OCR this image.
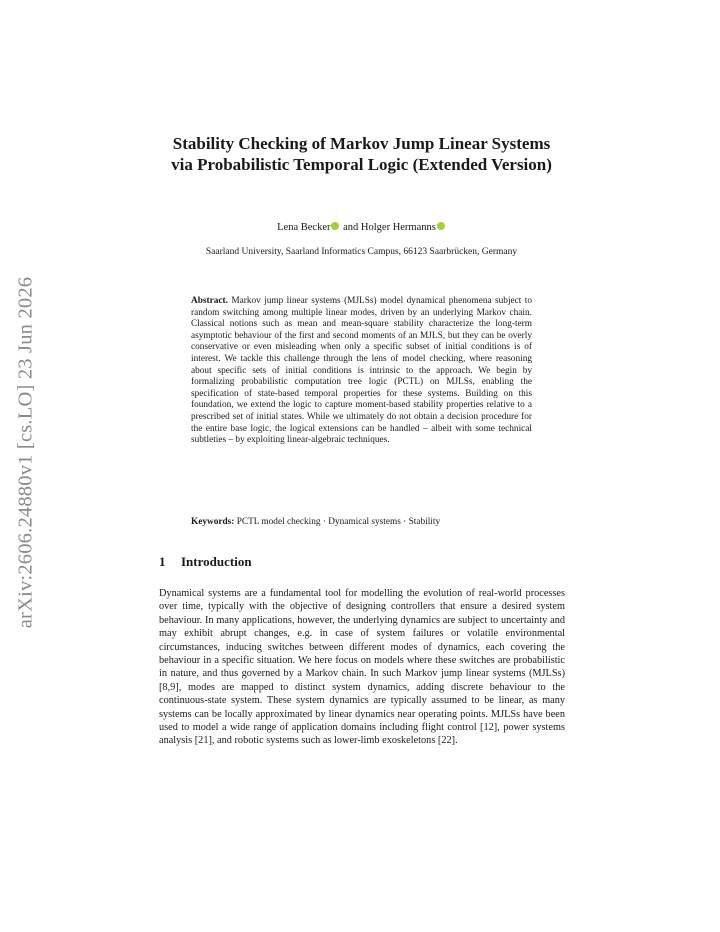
arXiv:2606.24880v1 [cs.LO] 23 Jun 2026
Stability Checking of Markov Jump Linear Systems via Probabilistic Temporal Logic (Extended Version)
Lena Becker and Holger Hermanns
Saarland University, Saarland Informatics Campus, 66123 Saarbrücken, Germany

Abstract. Markov jump linear systems (MJLSs) model dynamical phenomena subject to random switching among multiple linear modes, driven by an underlying Markov chain. Classical notions such as mean and mean-square stability characterize the long-term asymptotic behaviour of the first and second moments of an MJLS, but they can be overly conservative or even misleading when only a specific subset of initial conditions is of interest. We tackle this challenge through the lens of model checking, where reasoning about specific sets of initial conditions is intrinsic to the approach. We begin by formalizing probabilistic computation tree logic (PCTL) on MJLSs, enabling the specification of state-based temporal properties for these systems. Building on this foundation, we extend the logic to capture moment-based stability properties relative to a prescribed set of initial states. While we ultimately do not obtain a decision procedure for the entire base logic, the logical extensions can be handled – albeit with some technical subtleties – by exploiting linear-algebraic techniques.

Keywords: PCTL model checking · Dynamical systems · Stability
1 Introduction

Dynamical systems are a fundamental tool for modelling the evolution of real-world processes over time, typically with the objective of designing controllers that ensure a desired system behaviour. In many applications, however, the underlying dynamics are subject to uncertainty and may exhibit abrupt changes, e.g. in case of system failures or volatile environmental circumstances, inducing switches between different modes of dynamics, each covering the behaviour in a specific situation. We here focus on models where these switches are probabilistic in nature, and thus governed by a Markov chain. In such Markov jump linear systems (MJLSs) [8,9], modes are mapped to distinct system dynamics, adding discrete behaviour to the continuous-state system. These system dynamics are typically assumed to be linear, as many systems can be locally approximated by linear dynamics near operating points. MJLSs have been used to model a wide range of application domains including flight control [12], power systems analysis [21], and robotic systems such as lower-limb exoskeletons [22].
